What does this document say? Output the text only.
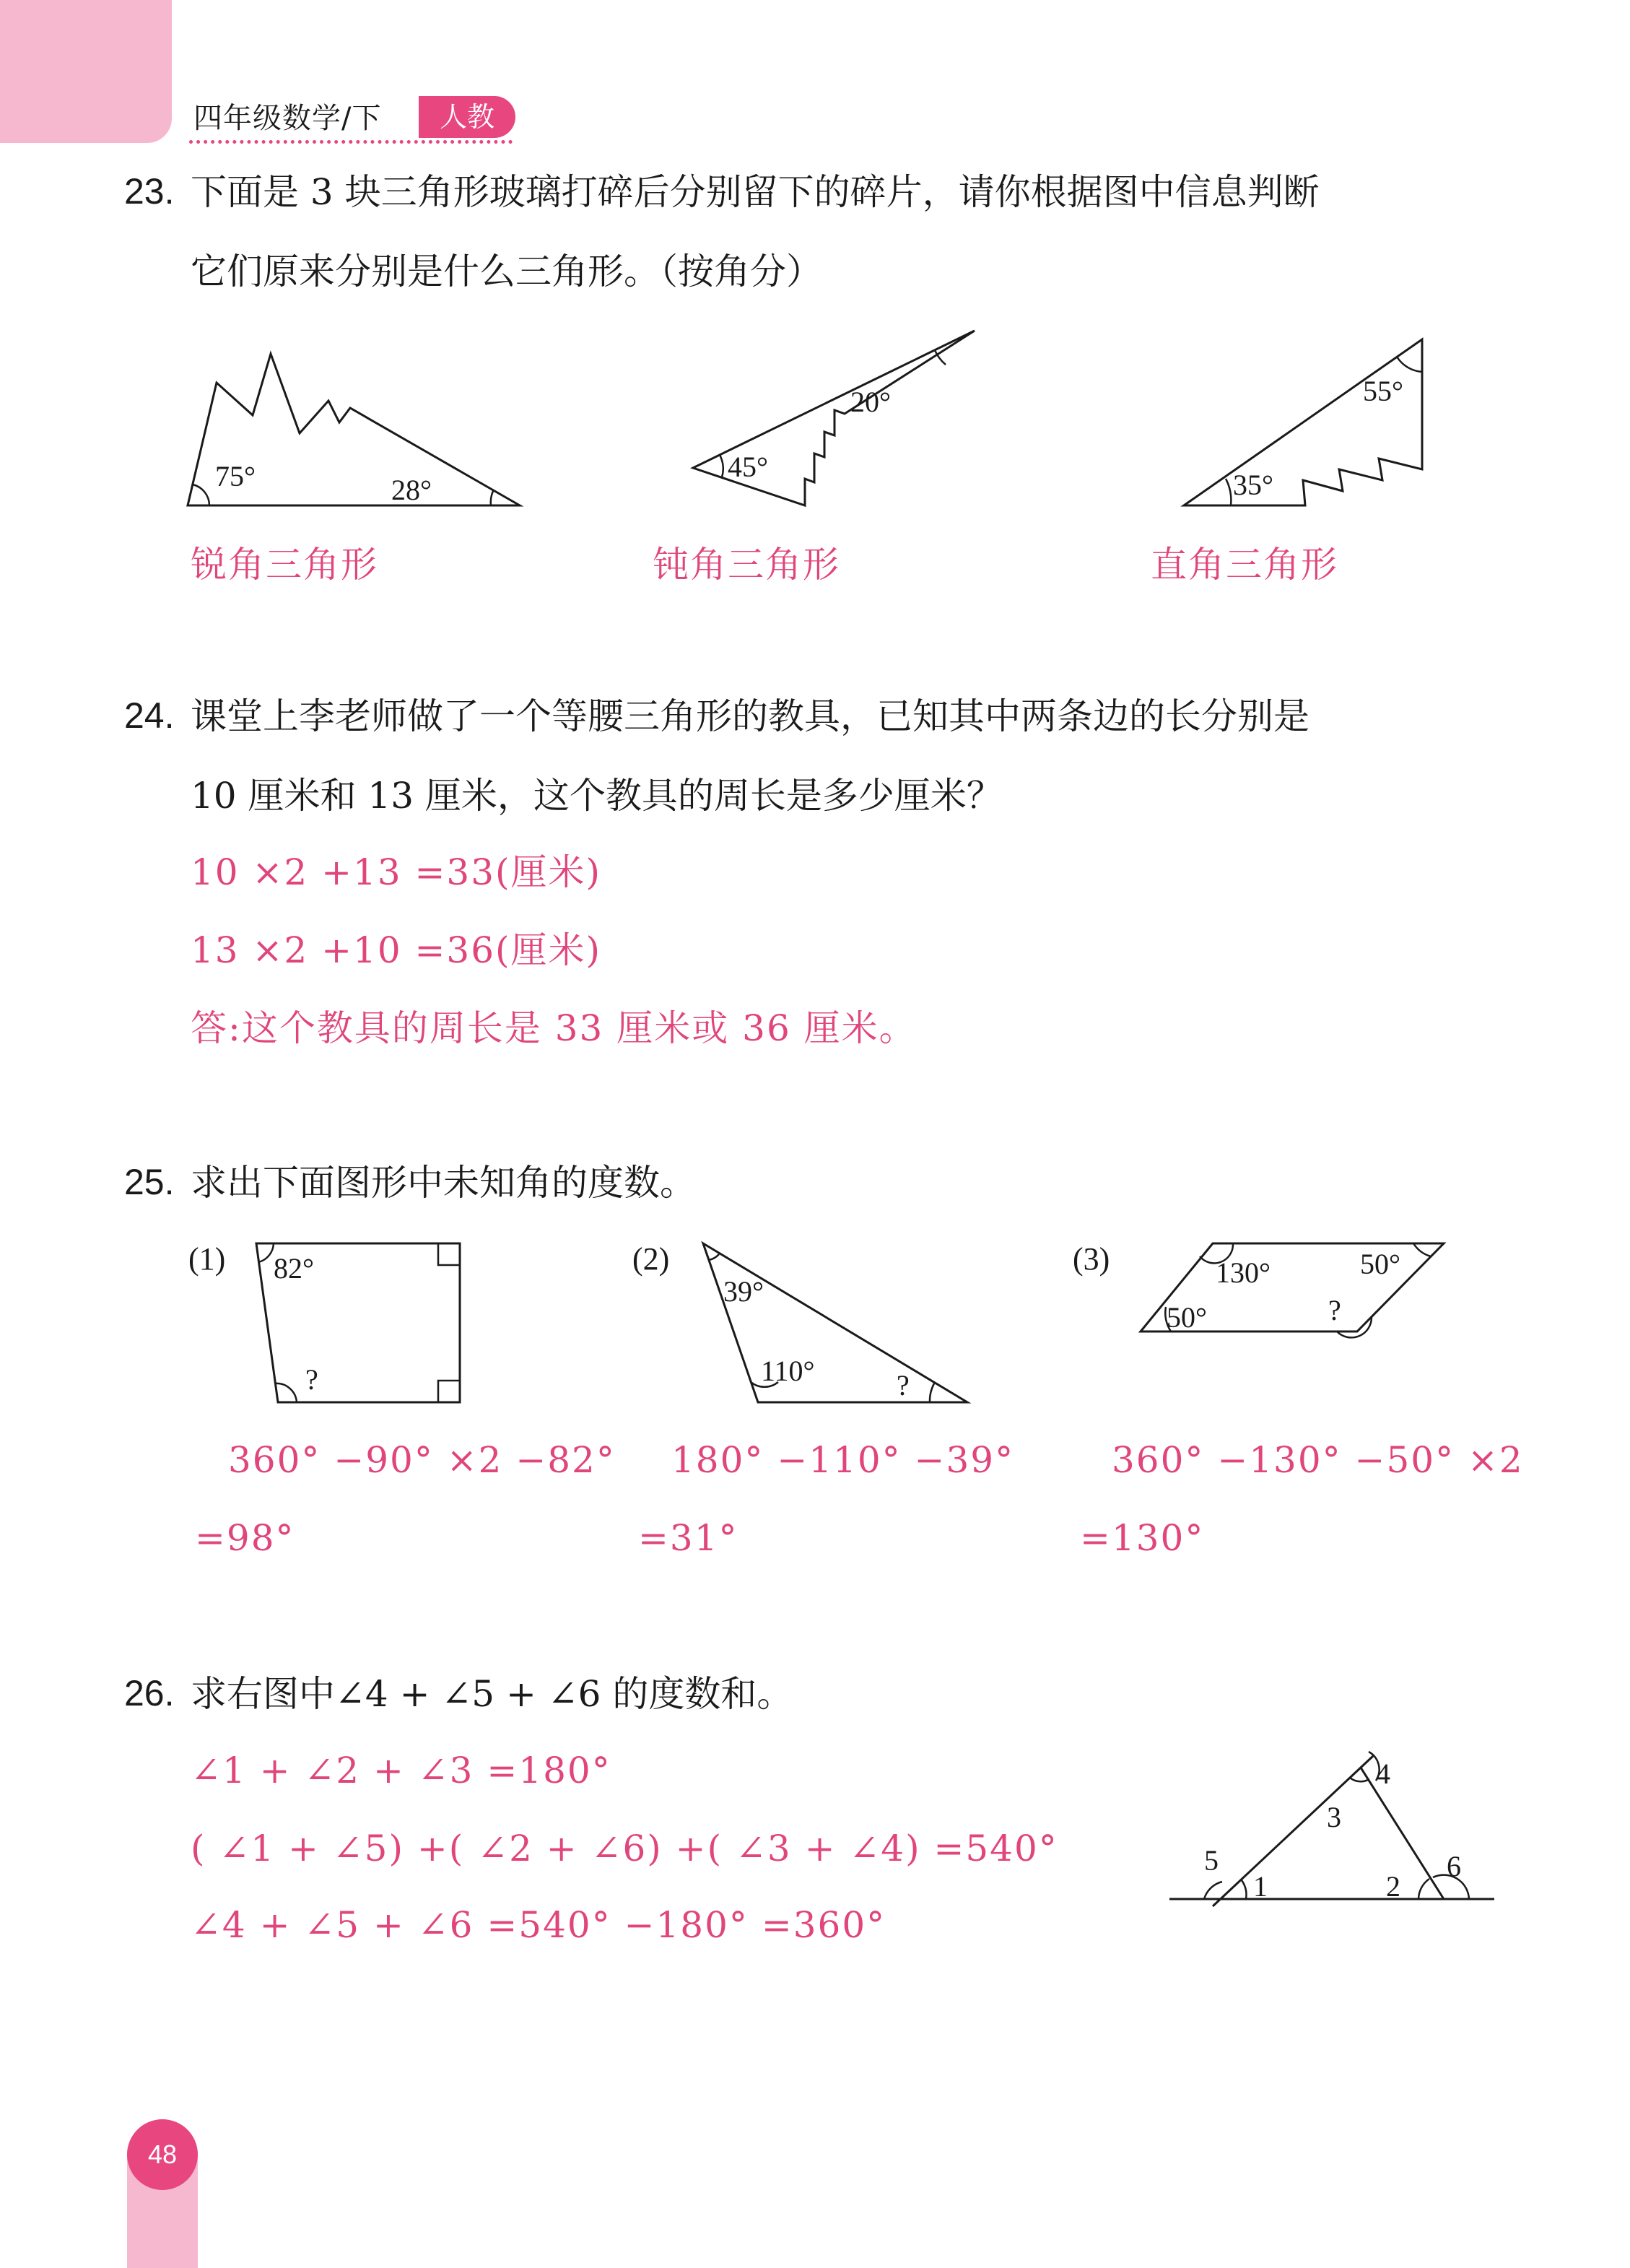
四年级数学/下	人教
23. 下面是 3 块三角形玻璃打碎后分别留下的碎片，请你根据图中信息判断
它们原来分别是什么三角形。（按角分）
75°	28°
20°
45°
55°
35°
锐角三角形	钝角三角形	直角三角形
24. 课堂上李老师做了一个等腰三角形的教具，已知其中两条边的长分别是
10 厘米和 13 厘米，这个教具的周长是多少厘米？
10 ×2 +13 =33(厘米)
13 ×2 +10 =36(厘米)
答:这个教具的周长是 33 厘米或 36 厘米。
25. 求出下面图形中未知角的度数。
(1) 82°
?
(2)
39°
110°	?
(3)	130°	50°
50°	?
360° −90° ×2 −82°
=98°
180° −110° −39°
=31°
360° −130° −50° ×2
=130°
26. 求右图中∠4 + ∠5 + ∠6 的度数和。
∠1 + ∠2 + ∠3 =180°
( ∠1 + ∠5) +( ∠2 + ∠6) +( ∠3 + ∠4) =540°
∠4 + ∠5 + ∠6 =540° −180° =360°
1	2
3
4
5	6
48
